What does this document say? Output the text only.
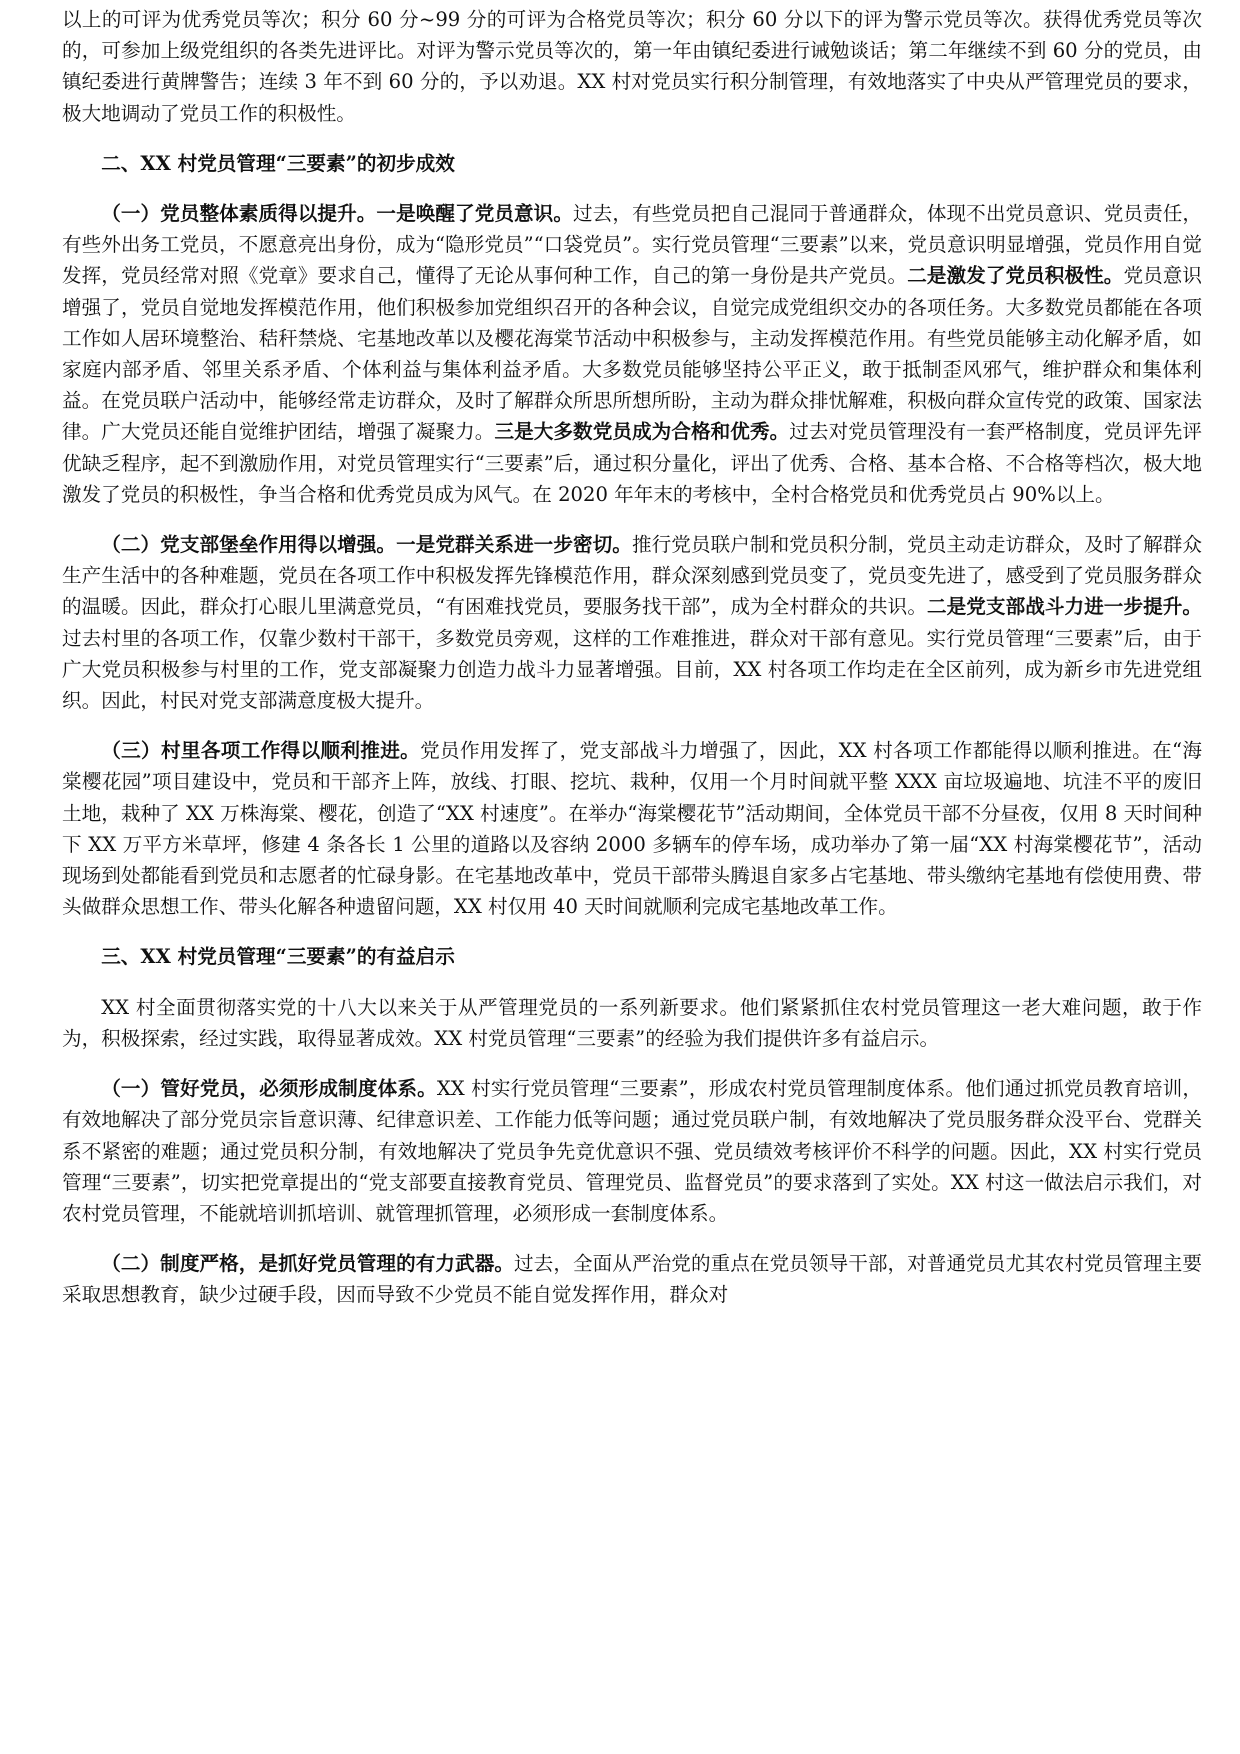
以上的可评为优秀党员等次；积分 60 分~99 分的可评为合格党员等次；积分 60 分以下的评为警示党员等次。获得优秀党员等次的，可参加上级党组织的各类先进评比。对评为警示党员等次的，第一年由镇纪委进行诫勉谈话；第二年继续不到 60 分的党员，由镇纪委进行黄牌警告；连续 3 年不到 60 分的，予以劝退。XX 村对党员实行积分制管理，有效地落实了中央从严管理党员的要求，极大地调动了党员工作的积极性。

二、XX 村党员管理“三要素”的初步成效

（一）党员整体素质得以提升。一是唤醒了党员意识。过去，有些党员把自己混同于普通群众，体现不出党员意识、党员责任，有些外出务工党员，不愿意亮出身份，成为“隐形党员”“口袋党员”。实行党员管理“三要素”以来，党员意识明显增强，党员作用自觉发挥，党员经常对照《党章》要求自己，懂得了无论从事何种工作，自己的第一身份是共产党员。二是激发了党员积极性。党员意识增强了，党员自觉地发挥模范作用，他们积极参加党组织召开的各种会议，自觉完成党组织交办的各项任务。大多数党员都能在各项工作如人居环境整治、秸秆禁烧、宅基地改革以及樱花海棠节活动中积极参与，主动发挥模范作用。有些党员能够主动化解矛盾，如家庭内部矛盾、邻里关系矛盾、个体利益与集体利益矛盾。大多数党员能够坚持公平正义，敢于抵制歪风邪气，维护群众和集体利益。在党员联户活动中，能够经常走访群众，及时了解群众所思所想所盼，主动为群众排忧解难，积极向群众宣传党的政策、国家法律。广大党员还能自觉维护团结，增强了凝聚力。三是大多数党员成为合格和优秀。过去对党员管理没有一套严格制度，党员评先评优缺乏程序，起不到激励作用，对党员管理实行“三要素”后，通过积分量化，评出了优秀、合格、基本合格、不合格等档次，极大地激发了党员的积极性，争当合格和优秀党员成为风气。在 2020 年年末的考核中，全村合格党员和优秀党员占 90%以上。

（二）党支部堡垒作用得以增强。一是党群关系进一步密切。推行党员联户制和党员积分制，党员主动走访群众，及时了解群众生产生活中的各种难题，党员在各项工作中积极发挥先锋模范作用，群众深刻感到党员变了，党员变先进了，感受到了党员服务群众的温暖。因此，群众打心眼儿里满意党员，“有困难找党员，要服务找干部”，成为全村群众的共识。二是党支部战斗力进一步提升。过去村里的各项工作，仅靠少数村干部干，多数党员旁观，这样的工作难推进，群众对干部有意见。实行党员管理“三要素”后，由于广大党员积极参与村里的工作，党支部凝聚力创造力战斗力显著增强。目前，XX 村各项工作均走在全区前列，成为新乡市先进党组织。因此，村民对党支部满意度极大提升。

（三）村里各项工作得以顺利推进。党员作用发挥了，党支部战斗力增强了，因此，XX 村各项工作都能得以顺利推进。在“海棠樱花园”项目建设中，党员和干部齐上阵，放线、打眼、挖坑、栽种，仅用一个月时间就平整 XXX 亩垃圾遍地、坑洼不平的废旧土地，栽种了 XX 万株海棠、樱花，创造了“XX 村速度”。在举办“海棠樱花节”活动期间，全体党员干部不分昼夜，仅用 8 天时间种下 XX 万平方米草坪，修建 4 条各长 1 公里的道路以及容纳 2000 多辆车的停车场，成功举办了第一届“XX 村海棠樱花节”，活动现场到处都能看到党员和志愿者的忙碌身影。在宅基地改革中，党员干部带头腾退自家多占宅基地、带头缴纳宅基地有偿使用费、带头做群众思想工作、带头化解各种遗留问题，XX 村仅用 40 天时间就顺利完成宅基地改革工作。

三、XX 村党员管理“三要素”的有益启示

XX 村全面贯彻落实党的十八大以来关于从严管理党员的一系列新要求。他们紧紧抓住农村党员管理这一老大难问题，敢于作为，积极探索，经过实践，取得显著成效。XX 村党员管理“三要素”的经验为我们提供许多有益启示。

（一）管好党员，必须形成制度体系。XX 村实行党员管理“三要素”，形成农村党员管理制度体系。他们通过抓党员教育培训，有效地解决了部分党员宗旨意识薄、纪律意识差、工作能力低等问题；通过党员联户制，有效地解决了党员服务群众没平台、党群关系不紧密的难题；通过党员积分制，有效地解决了党员争先竞优意识不强、党员绩效考核评价不科学的问题。因此，XX 村实行党员管理“三要素”，切实把党章提出的“党支部要直接教育党员、管理党员、监督党员”的要求落到了实处。XX 村这一做法启示我们，对农村党员管理，不能就培训抓培训、就管理抓管理，必须形成一套制度体系。

（二）制度严格，是抓好党员管理的有力武器。过去，全面从严治党的重点在党员领导干部，对普通党员尤其农村党员管理主要采取思想教育，缺少过硬手段，因而导致不少党员不能自觉发挥作用，群众对
